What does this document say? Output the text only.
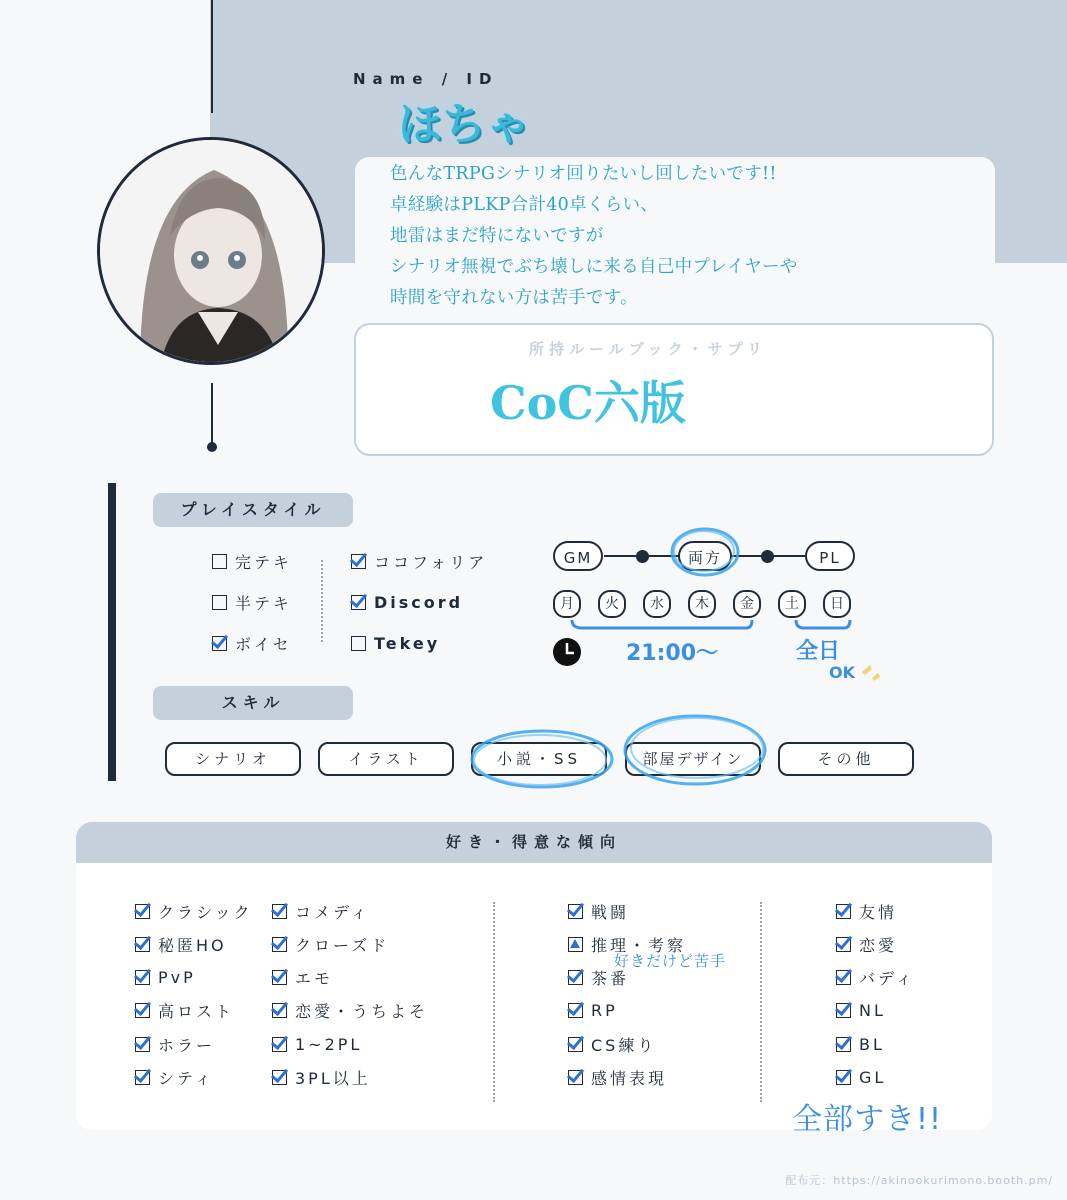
Name / ID
ほちゃ
色んなTRPGシナリオ回りたいし回したいです!!
卓経験はPLKP合計40卓くらい、
地雷はまだ特にないですが
シナリオ無視でぶち壊しに来る自己中プレイヤーや
時間を守れない方は苦手です。
所持ルールブック・サプリ
CoC六版
プレイスタイル
完テキ
半テキ
ボイセ
ココフォリア
Discord
Tekey
GM	両方	PL
月	火	水	木	金	土	日
21:00〜	全日
OK
スキル
シナリオ	イラスト	小説・SS	部屋デザイン	その他
好き・得意な傾向
クラシック
秘匿HO
PvP
高ロスト
ホラー
シティ
コメディ
クローズド
エモ
恋愛・うちよそ
1~2PL
3PL以上
戦闘
推理・考察
茶番
RP
CS練り
感情表現
好きだけど苦手
友情
恋愛
バディ
NL
BL
GL
全部すき!!
配布元：https://akinookurimono.booth.pm/
